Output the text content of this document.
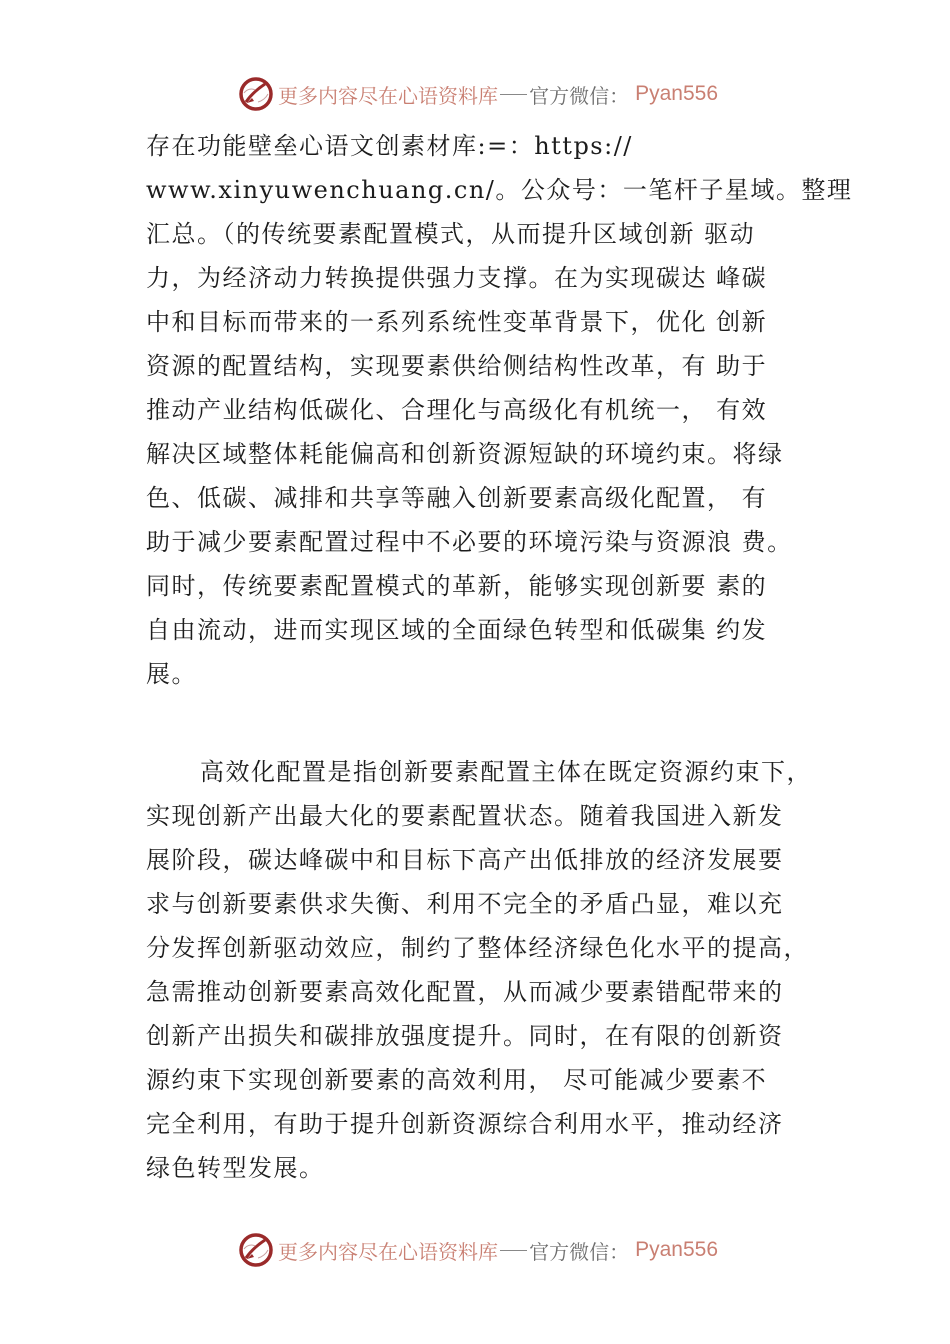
更多内容尽在心语资料库 官方微信： Pyan556
存在功能壁垒心语文创素材库:=：https://
www.xinyuwenchuang.cn/。公众号：一笔杆子星域。整理
汇总。（的传统要素配置模式，从而提升区域创新 驱动
力，为经济动力转换提供强力支撑。在为实现碳达 峰碳
中和目标而带来的一系列系统性变革背景下，优化 创新
资源的配置结构，实现要素供给侧结构性改革，有 助于
推动产业结构低碳化、合理化与高级化有机统一， 有效
解决区域整体耗能偏高和创新资源短缺的环境约束。将绿
色、低碳、减排和共享等融入创新要素高级化配置， 有
助于减少要素配置过程中不必要的环境污染与资源浪 费。
同时，传统要素配置模式的革新，能够实现创新要 素的
自由流动，进而实现区域的全面绿色转型和低碳集 约发
展。
高效化配置是指创新要素配置主体在既定资源约束下，
实现创新产出最大化的要素配置状态。随着我国进入新发
展阶段，碳达峰碳中和目标下高产出低排放的经济发展要
求与创新要素供求失衡、利用不完全的矛盾凸显，难以充
分发挥创新驱动效应，制约了整体经济绿色化水平的提高，
急需推动创新要素高效化配置，从而减少要素错配带来的
创新产出损失和碳排放强度提升。同时，在有限的创新资
源约束下实现创新要素的高效利用， 尽可能减少要素不
完全利用，有助于提升创新资源综合利用水平，推动经济
绿色转型发展。
更多内容尽在心语资料库 官方微信： Pyan556
